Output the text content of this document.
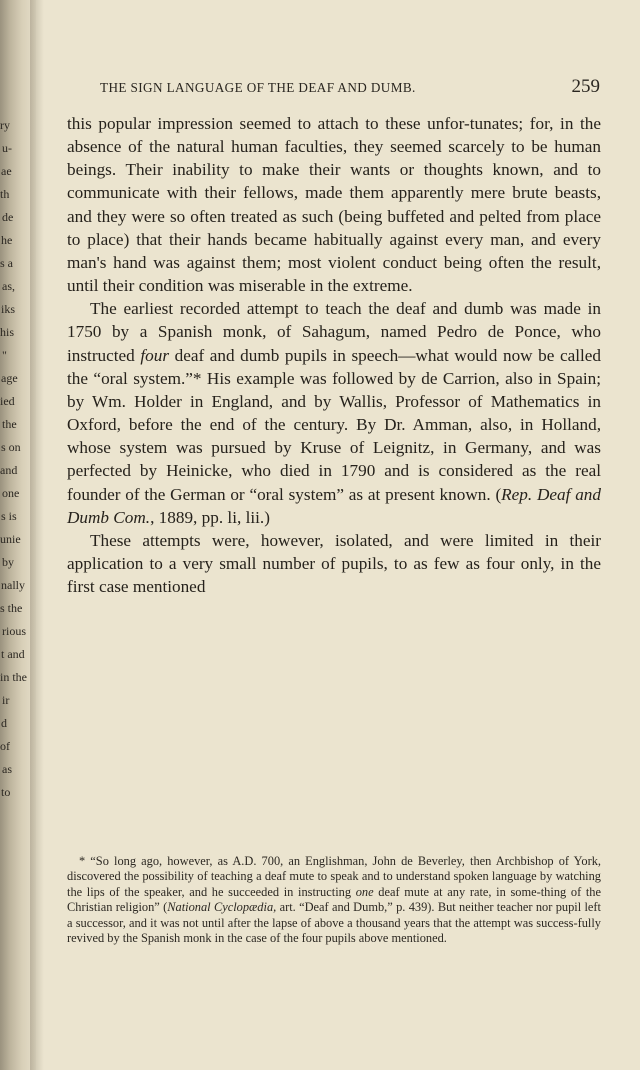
ry
u-
ae
th
de
he
s a
as,
iks
his
"
age
ied
the
s on
and
one
s is
unie
by
nally
s the
rious
t and
in the
ir
d
of
as
to
THE SIGN LANGUAGE OF THE DEAF AND DUMB.	259

this popular impression seemed to attach to these unfor-tunates; for, in the absence of the natural human faculties, they seemed scarcely to be human beings. Their inability to make their wants or thoughts known, and to communicate with their fellows, made them apparently mere brute beasts, and they were so often treated as such (being buffeted and pelted from place to place) that their hands became habitually against every man, and every man's hand was against them; most violent conduct being often the result, until their condition was miserable in the extreme.

The earliest recorded attempt to teach the deaf and dumb was made in 1750 by a Spanish monk, of Sahagum, named Pedro de Ponce, who instructed four deaf and dumb pupils in speech—what would now be called the “oral system.”* His example was followed by de Carrion, also in Spain; by Wm. Holder in England, and by Wallis, Professor of Mathematics in Oxford, before the end of the century. By Dr. Amman, also, in Holland, whose system was pursued by Kruse of Leignitz, in Germany, and was perfected by Heinicke, who died in 1790 and is considered as the real founder of the German or “oral system” as at present known. (Rep. Deaf and Dumb Com., 1889, pp. li, lii.)

These attempts were, however, isolated, and were limited in their application to a very small number of pupils, to as few as four only, in the first case mentioned

* “So long ago, however, as A.D. 700, an Englishman, John de Beverley, then Archbishop of York, discovered the possibility of teaching a deaf mute to speak and to understand spoken language by watching the lips of the speaker, and he succeeded in instructing one deaf mute at any rate, in some-thing of the Christian religion” (National Cyclopædia, art. “Deaf and Dumb,” p. 439). But neither teacher nor pupil left a successor, and it was not until after the lapse of above a thousand years that the attempt was success-fully revived by the Spanish monk in the case of the four pupils above mentioned.
